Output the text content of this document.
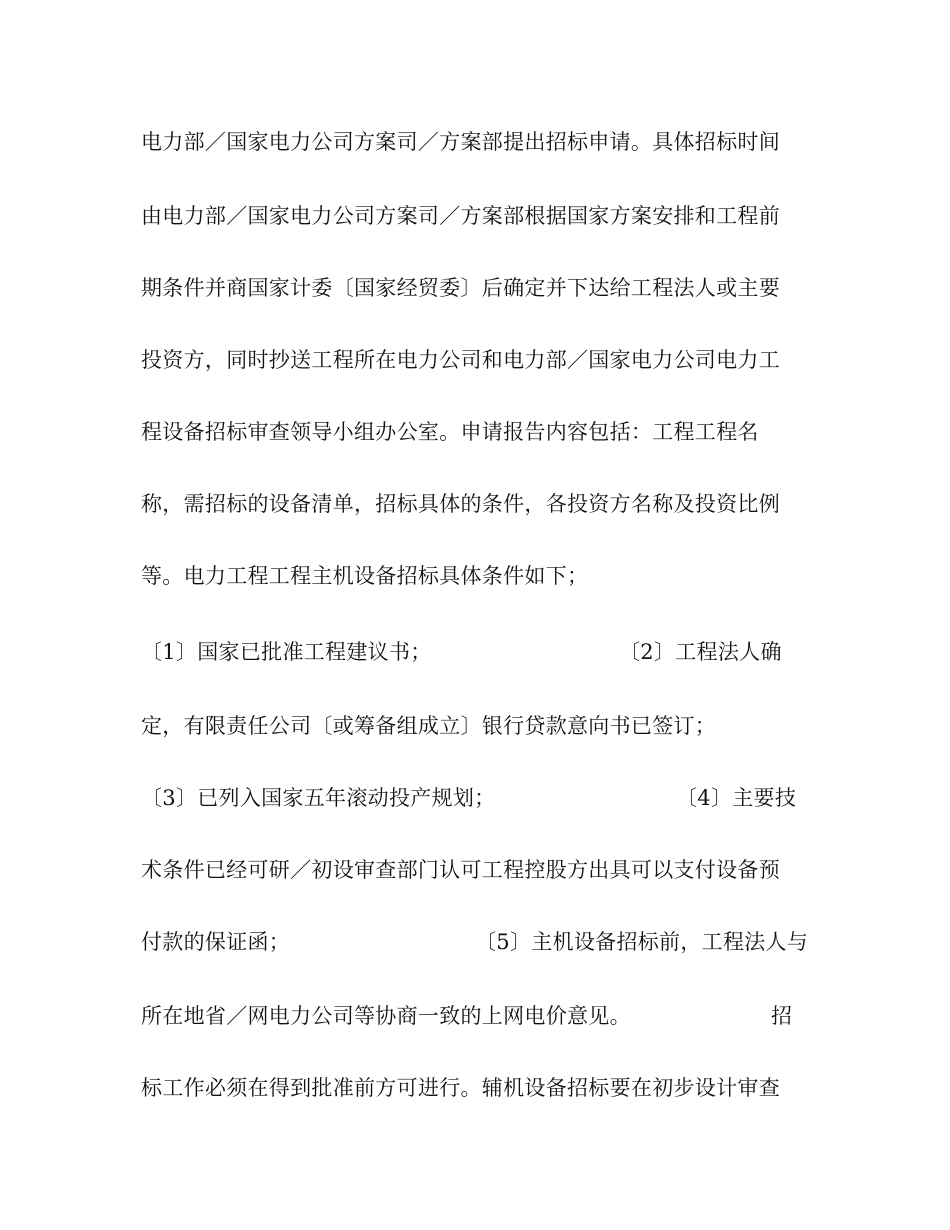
电力部／国家电力公司方案司／方案部提出招标申请。具体招标时间
由电力部／国家电力公司方案司／方案部根据国家方案安排和工程前
期条件并商国家计委〔国家经贸委〕后确定并下达给工程法人或主要
投资方，同时抄送工程所在电力公司和电力部／国家电力公司电力工
程设备招标审查领导小组办公室。申请报告内容包括：工程工程名
称，需招标的设备清单，招标具体的条件，各投资方名称及投资比例
等。电力工程工程主机设备招标具体条件如下；
〔1〕国家已批准工程建议书；	〔2〕工程法人确
定，有限责任公司〔或筹备组成立〕银行贷款意向书已签订；
〔3〕已列入国家五年滚动投产规划；	〔4〕主要技
术条件已经可研／初设审查部门认可工程控股方出具可以支付设备预
付款的保证函；	〔5〕主机设备招标前，工程法人与
所在地省／网电力公司等协商一致的上网电价意见。	招
标工作必须在得到批准前方可进行。辅机设备招标要在初步设计审查
